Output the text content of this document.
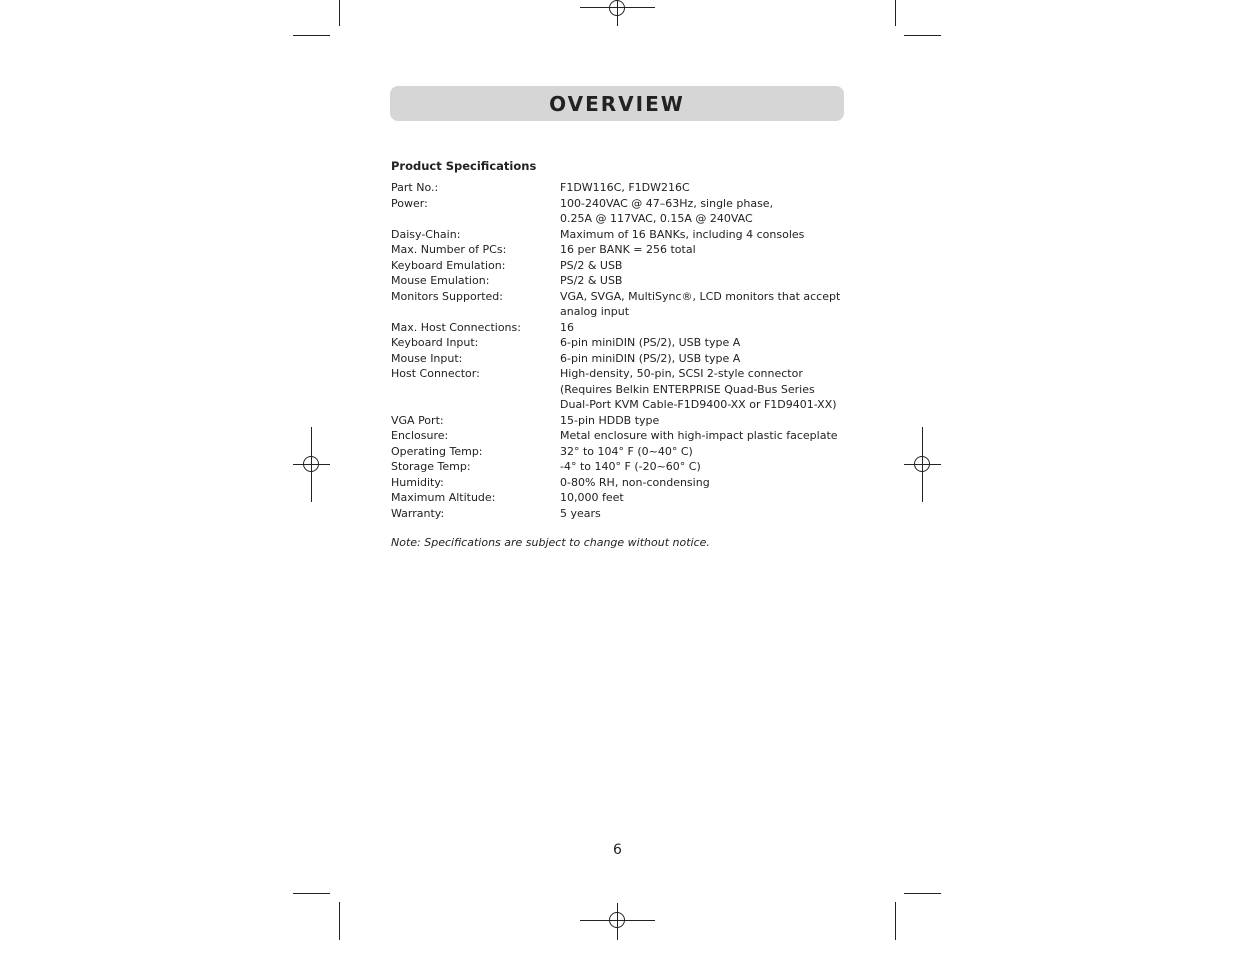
OVERVIEW
Product Specifications
Part No.:	F1DW116C, F1DW216C
Power:	100-240VAC @ 47–63Hz, single phase,
0.25A @ 117VAC, 0.15A @ 240VAC
Daisy-Chain:	Maximum of 16 BANKs, including 4 consoles
Max. Number of PCs:	16 per BANK = 256 total
Keyboard Emulation:	PS/2 & USB
Mouse Emulation:	PS/2 & USB
Monitors Supported:	VGA, SVGA, MultiSync®, LCD monitors that accept
analog input
Max. Host Connections:	16
Keyboard Input:	6-pin miniDIN (PS/2), USB type A
Mouse Input:	6-pin miniDIN (PS/2), USB type A
Host Connector:	High-density, 50-pin, SCSI 2-style connector
(Requires Belkin ENTERPRISE Quad-Bus Series
Dual-Port KVM Cable-F1D9400-XX or F1D9401-XX)
VGA Port:	15-pin HDDB type
Enclosure:	Metal enclosure with high-impact plastic faceplate
Operating Temp:	32° to 104° F (0~40° C)
Storage Temp:	-4° to 140° F (-20~60° C)
Humidity:	0-80% RH, non-condensing
Maximum Altitude:	10,000 feet
Warranty:	5 years
Note: Specifications are subject to change without notice.
6
